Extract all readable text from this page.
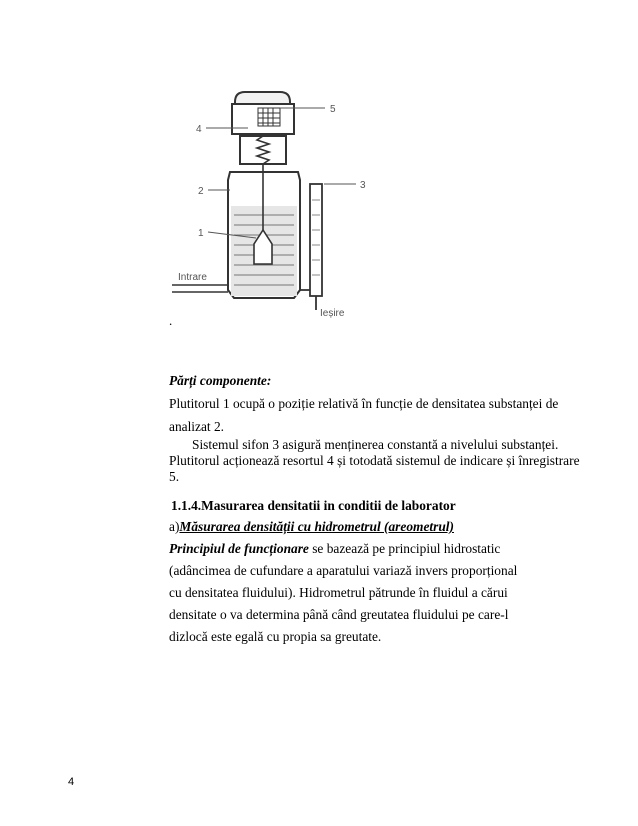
4
2
1
5
3
Intrare
Ieșire
.
Părți componente:
Plutitorul 1 ocupă o poziție relativă în funcție de densitatea substanței de
analizat 2.
Sistemul sifon 3 asigură menținerea constantă a nivelului substanței.
Plutitorul acționează resortul 4 și totodată sistemul de indicare și înregistrare
5.
1.1.4.Masurarea densitatii in conditii de laborator
a)Măsurarea densității cu hidrometrul (areometrul)
Principiul de funcționare se bazează pe principiul hidrostatic
(adâncimea de cufundare a aparatului variază invers proporțional
cu densitatea fluidului). Hidrometrul pătrunde în fluidul a cărui
densitate o va determina până când greutatea fluidului pe care-l
dizlocă este egală cu propia sa greutate.
4
